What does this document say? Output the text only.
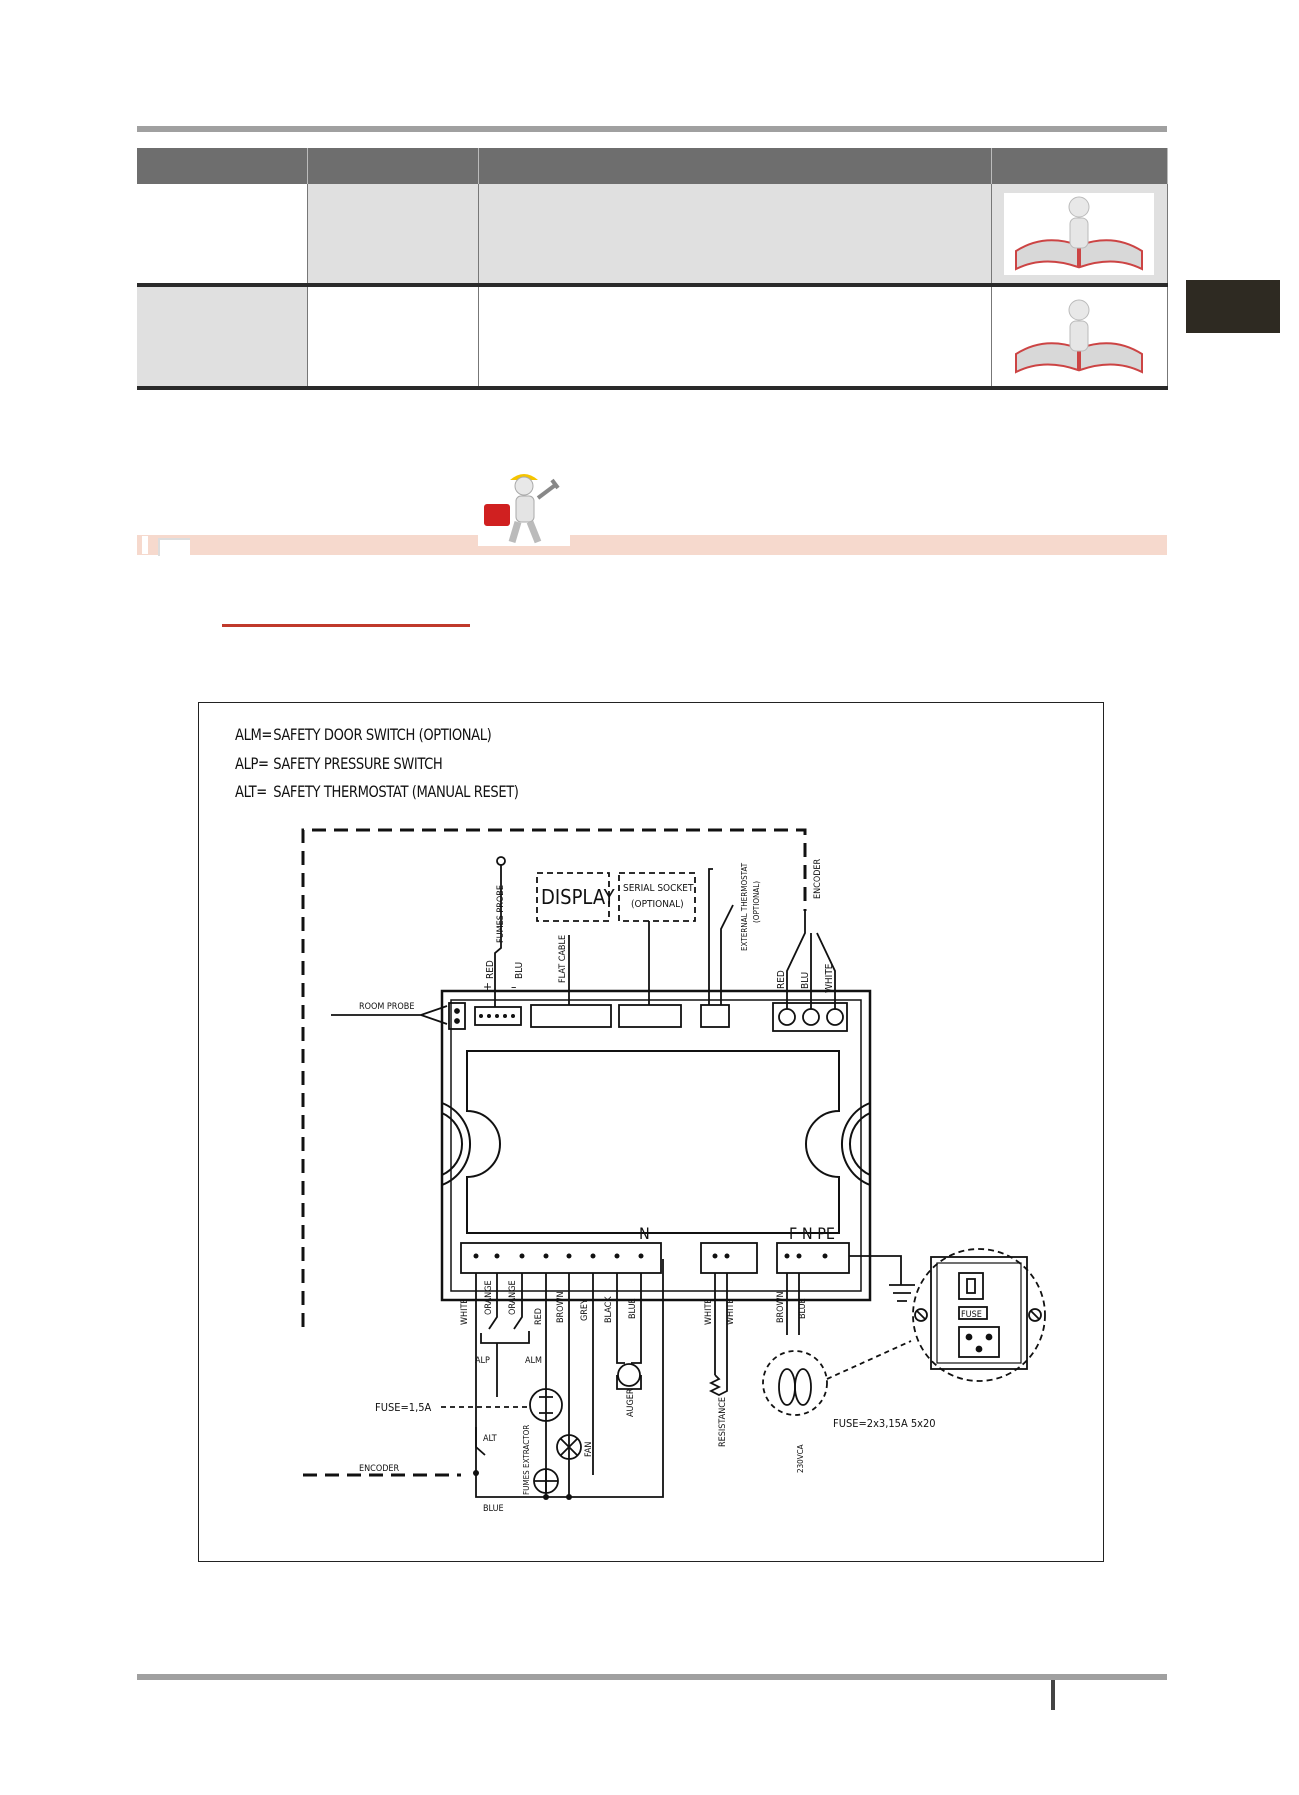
ALM= SAFETY DOOR SWITCH (OPTIONAL)
ALP= SAFETY PRESSURE SWITCH
ALT= SAFETY THERMOSTAT (MANUAL RESET)
DISPLAY SERIAL SOCKET
(OPTIONAL)
ROOM PROBE
N	F N PE
+ –
ALP	ALM
ALT
FUSE=1,5A
ENCODER
BLUE
FUSE=2x3,15A 5x20
FUSE
FUMES PROBE
RED BLU	FLAT CABLE
EXTERNAL THERMOSTAT (OPTIONAL)
ENCODER
RED BLU WHITE
WHITE ORANGE ORANGE
RED BROWN GREY BLACK BLUE
AUGER
FAN
FUMES EXTRACTOR
WHITE WHITE
RESISTANCE
BROWN BLUE
230VCA
